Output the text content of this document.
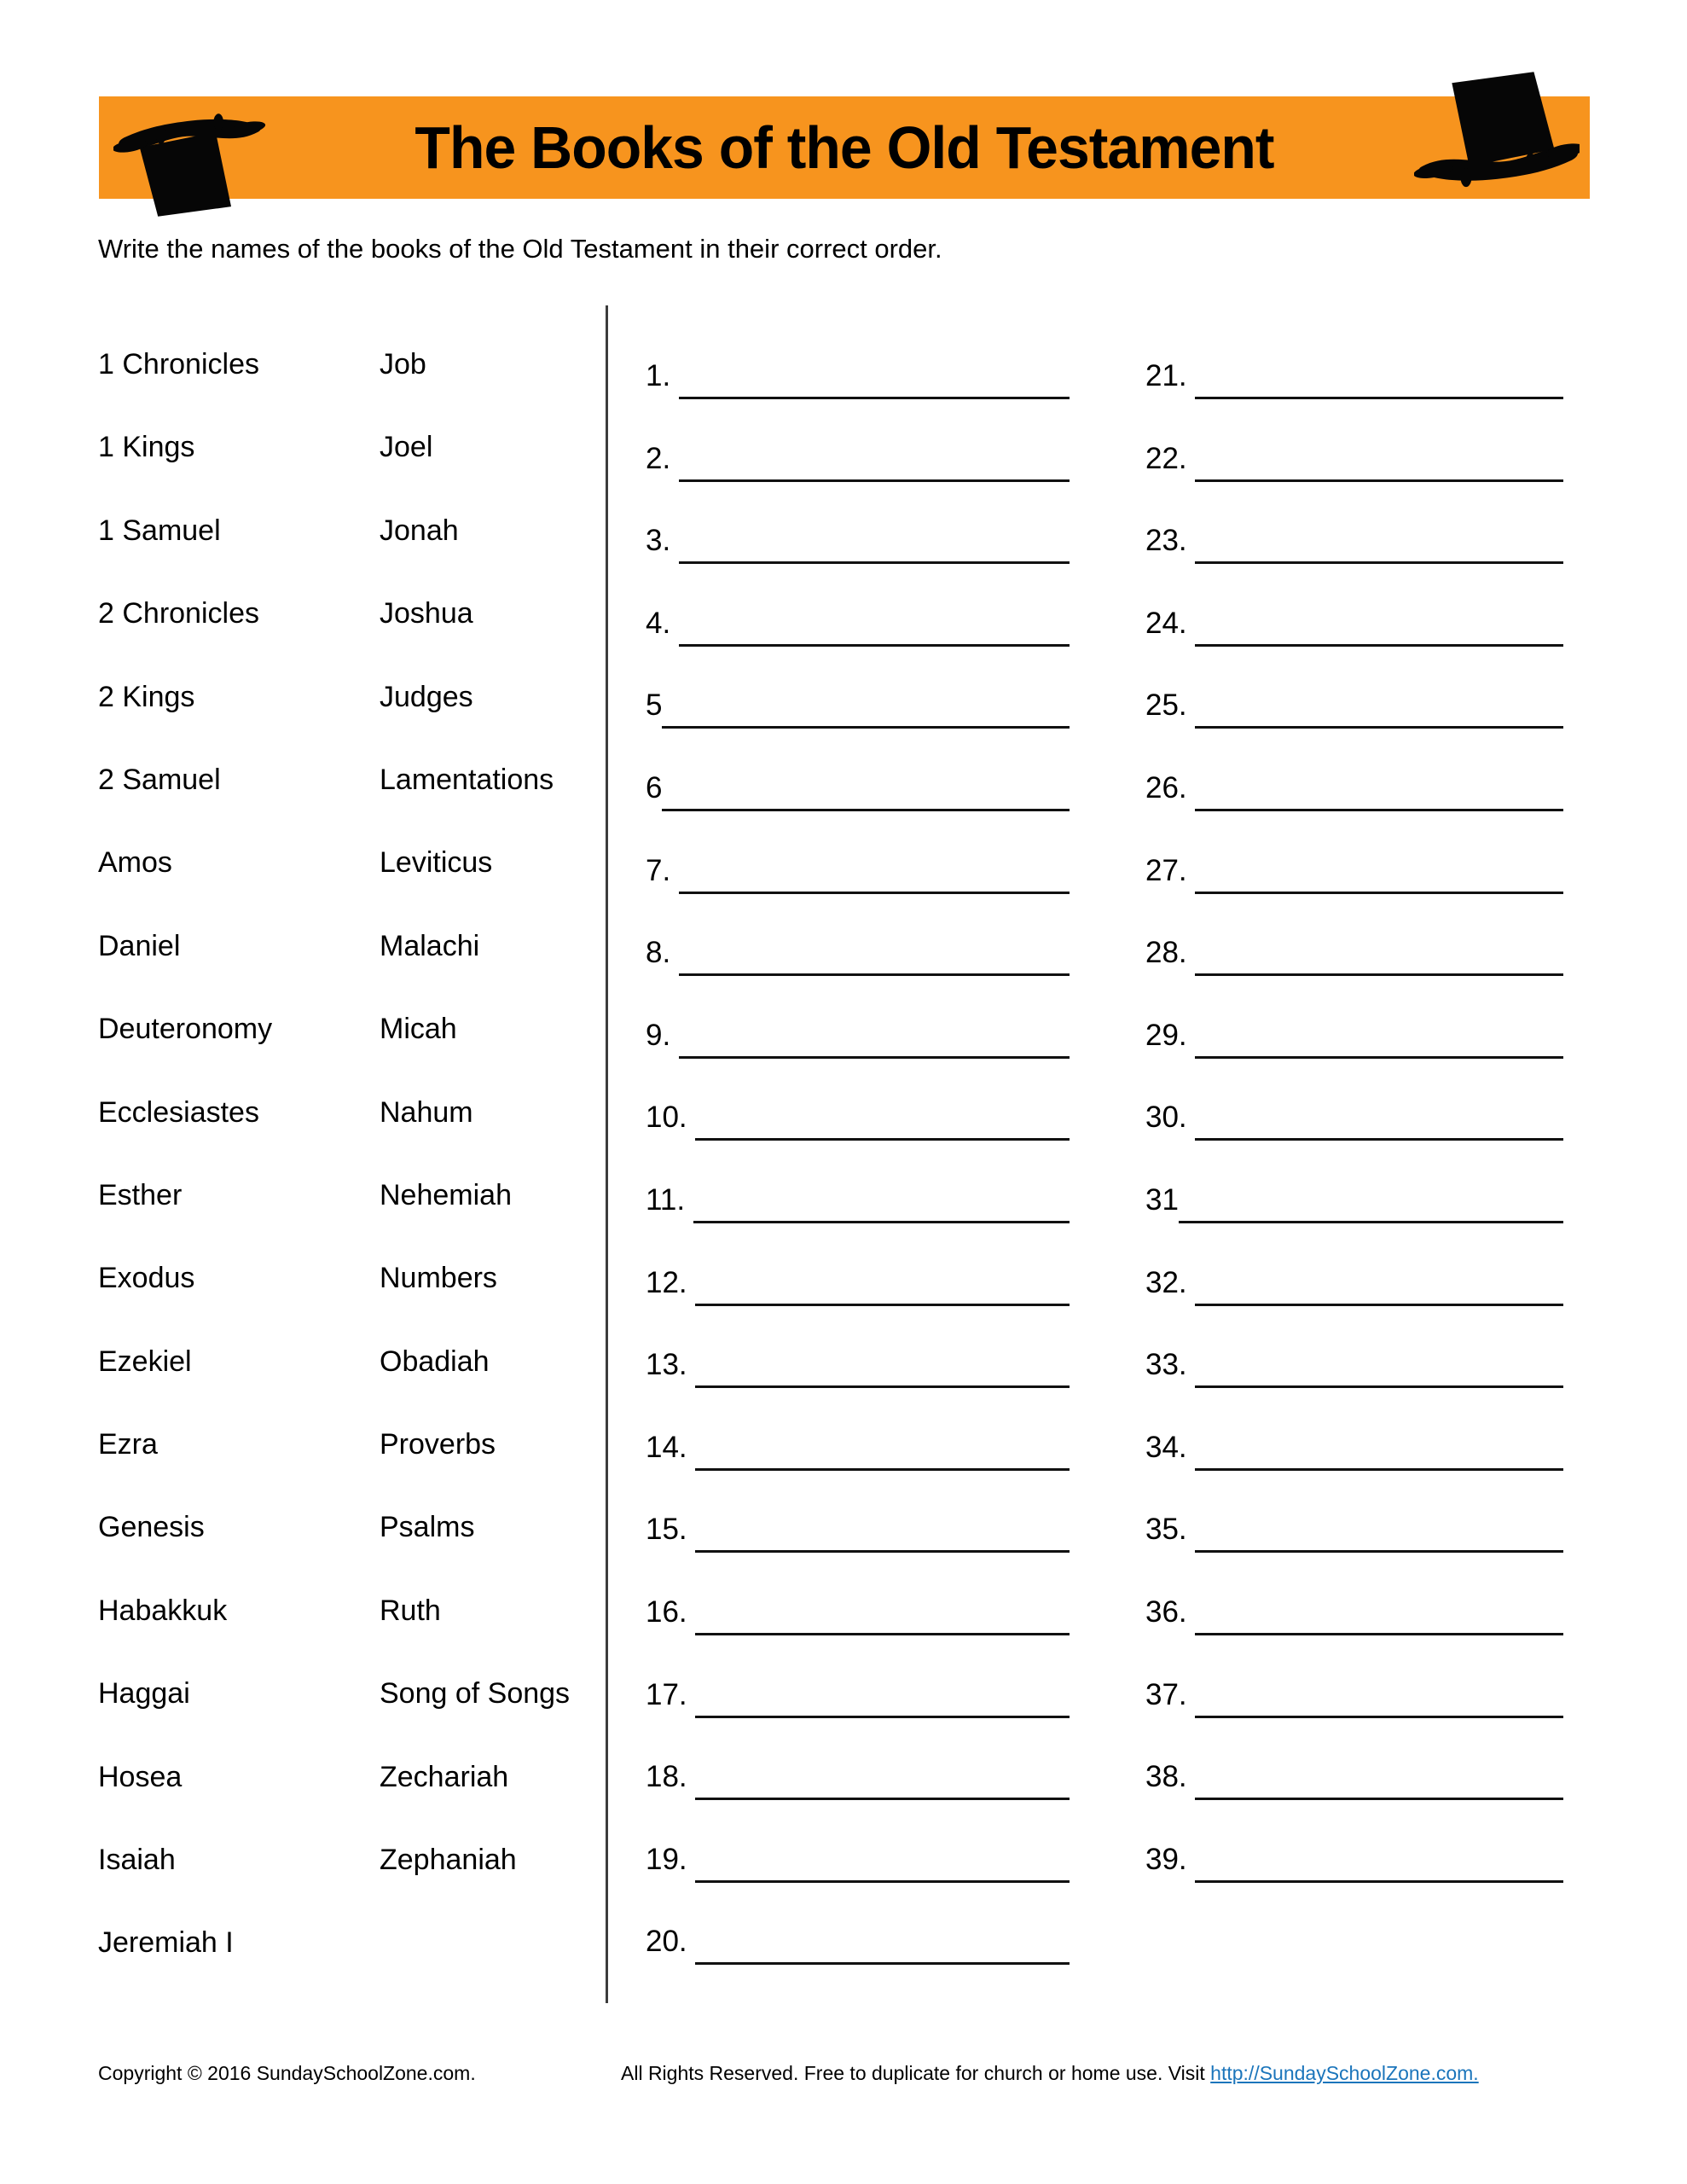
The Books of the Old Testament

Write the names of the books of the Old Testament in their correct order.

1 Chronicles
1 Kings
1 Samuel
2 Chronicles
2 Kings
2 Samuel
Amos
Daniel
Deuteronomy
Ecclesiastes
Esther
Exodus
Ezekiel
Ezra
Genesis
Habakkuk
Haggai
Hosea
Isaiah
Jeremiah I
Job
Joel
Jonah
Joshua
Judges
Lamentations
Leviticus
Malachi
Micah
Nahum
Nehemiah
Numbers
Obadiah
Proverbs
Psalms
Ruth
Song of Songs
Zechariah
Zephaniah
1.
2.
3.
4.
5
6
7.
8.
9.
10.
11.
12.
13.
14.
15.
16.
17.
18.
19.
20.
21.
22.
23.
24.
25.
26.
27.
28.
29.
30.
31
32.
33.
34.
35.
36.
37.
38.
39.
Copyright © 2016 SundaySchoolZone.com.	All Rights Reserved. Free to duplicate for church or home use. Visit http://SundaySchoolZone.com.
